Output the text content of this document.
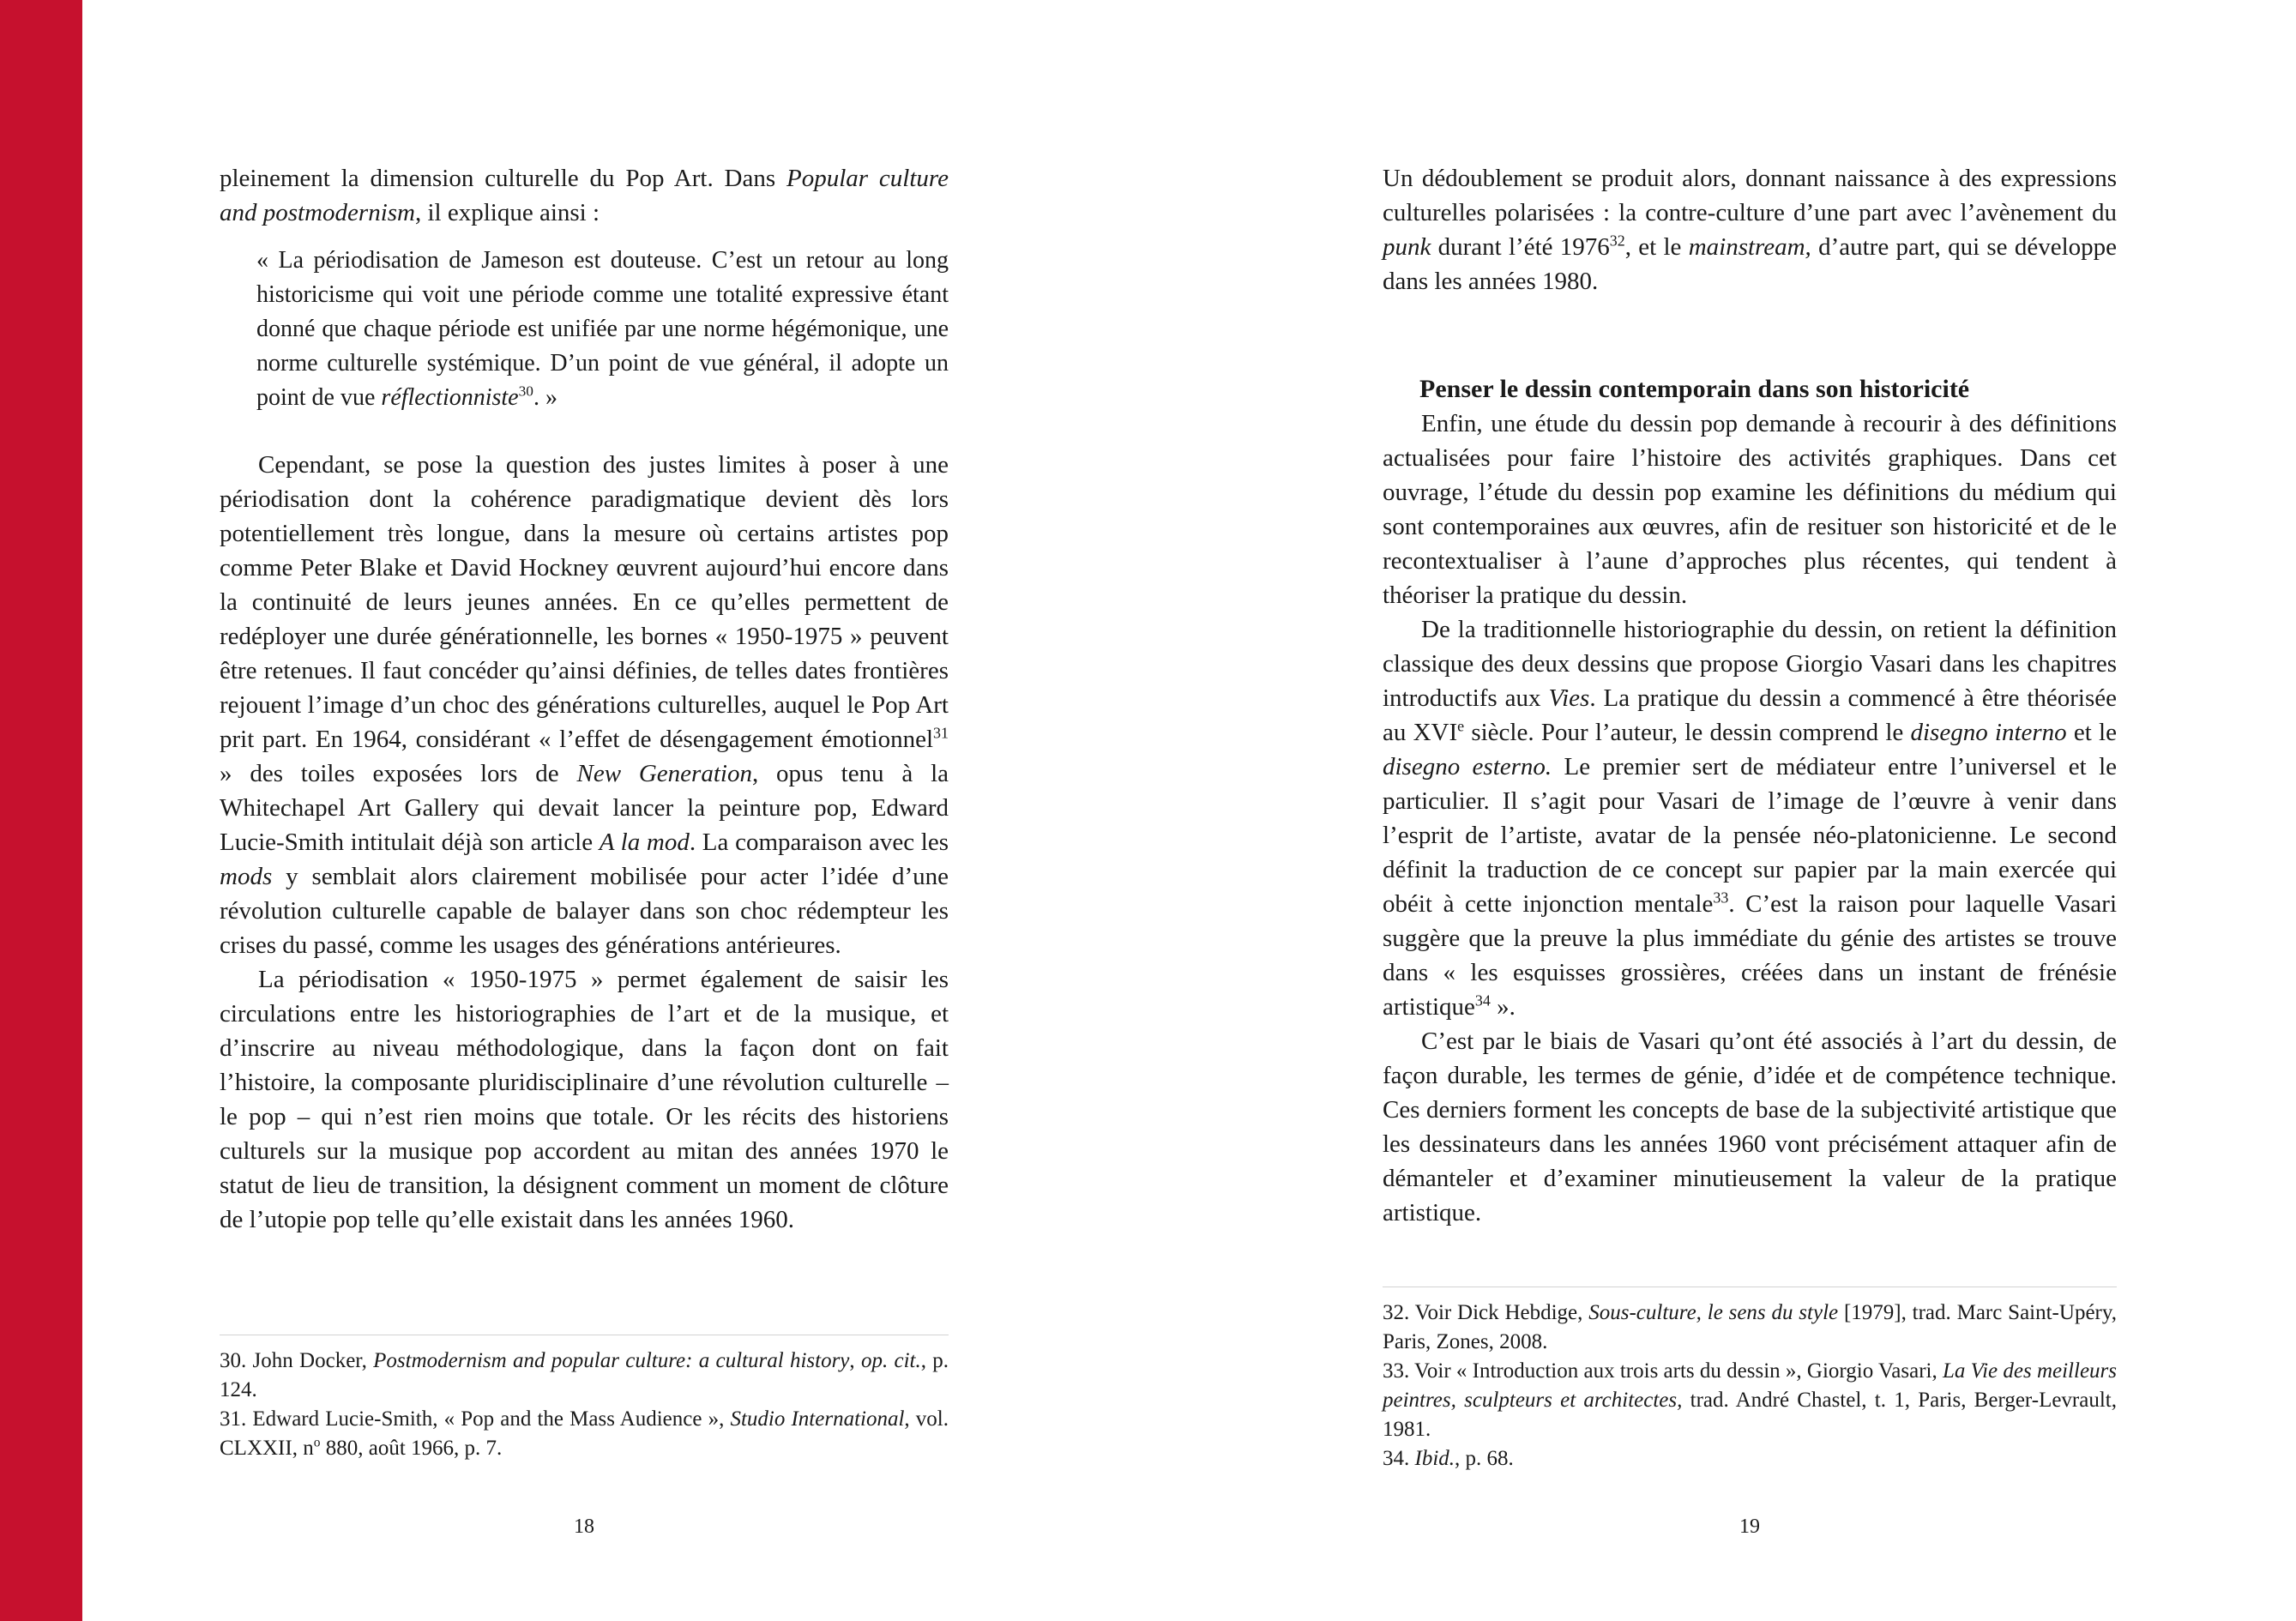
pleinement la dimension culturelle du Pop Art. Dans Popular culture and postmodernism, il explique ainsi :

« La périodisation de Jameson est douteuse. C’est un retour au long historicisme qui voit une période comme une totalité expressive étant donné que chaque période est unifiée par une norme hégémonique, une norme culturelle systémique. D’un point de vue général, il adopte un point de vue réflectionniste$^{30}$. »

Cependant, se pose la question des justes limites à poser à une périodisation dont la cohérence paradigmatique devient dès lors potentiellement très longue, dans la mesure où certains artistes pop comme Peter Blake et David Hockney œuvrent aujourd’hui encore dans la continuité de leurs jeunes années. En ce qu’elles permettent de redéployer une durée générationnelle, les bornes « 1950-1975 » peuvent être retenues. Il faut concéder qu’ainsi définies, de telles dates frontières rejouent l’image d’un choc des générations culturelles, auquel le Pop Art prit part. En 1964, considérant « l’effet de désengagement émotionnel$^{31}$ » des toiles exposées lors de New Generation, opus tenu à la Whitechapel Art Gallery qui devait lancer la peinture pop, Edward Lucie-Smith intitulait déjà son article A la mod. La comparaison avec les mods y semblait alors clairement mobilisée pour acter l’idée d’une révolution culturelle capable de balayer dans son choc rédempteur les crises du passé, comme les usages des générations antérieures.

La périodisation « 1950-1975 » permet également de saisir les circulations entre les historiographies de l’art et de la musique, et d’inscrire au niveau méthodologique, dans la façon dont on fait l’histoire, la composante pluridisciplinaire d’une révolution culturelle – le pop – qui n’est rien moins que totale. Or les récits des historiens culturels sur la musique pop accordent au mitan des années 1970 le statut de lieu de transition, la désignent comment un moment de clôture de l’utopie pop telle qu’elle existait dans les années 1960.

30. John Docker, Postmodernism and popular culture: a cultural history, op. cit., p. 124.

31. Edward Lucie-Smith, « Pop and the Mass Audience », Studio International, vol. CLXXII, $n^o$ 880, août 1966, p. 7.

18

Un dédoublement se produit alors, donnant naissance à des expressions culturelles polarisées : la contre-culture d’une part avec l’avènement du punk durant l’été 1976$^{32}$, et le mainstream, d’autre part, qui se développe dans les années 1980.

Penser le dessin contemporain dans son historicité

Enfin, une étude du dessin pop demande à recourir à des définitions actualisées pour faire l’histoire des activités graphiques. Dans cet ouvrage, l’étude du dessin pop examine les définitions du médium qui sont contemporaines aux œuvres, afin de resituer son historicité et de le recontextualiser à l’aune d’approches plus récentes, qui tendent à théoriser la pratique du dessin.

De la traditionnelle historiographie du dessin, on retient la définition classique des deux dessins que propose Giorgio Vasari dans les chapitres introductifs aux Vies. La pratique du dessin a commencé à être théorisée au XVIe siècle. Pour l’auteur, le dessin comprend le disegno interno et le disegno esterno. Le premier sert de médiateur entre l’universel et le particulier. Il s’agit pour Vasari de l’image de l’œuvre à venir dans l’esprit de l’artiste, avatar de la pensée néo-platonicienne. Le second définit la traduction de ce concept sur papier par la main exercée qui obéit à cette injonction mentale$^{33}$. C’est la raison pour laquelle Vasari suggère que la preuve la plus immédiate du génie des artistes se trouve dans « les esquisses grossières, créées dans un instant de frénésie artistique$^{34}$ ».

C’est par le biais de Vasari qu’ont été associés à l’art du dessin, de façon durable, les termes de génie, d’idée et de compétence technique. Ces derniers forment les concepts de base de la subjectivité artistique que les dessinateurs dans les années 1960 vont précisément attaquer afin de démanteler et d’examiner minutieusement la valeur de la pratique artistique.

32. Voir Dick Hebdige, Sous-culture, le sens du style [1979], trad. Marc Saint-Upéry, Paris, Zones, 2008.

33. Voir « Introduction aux trois arts du dessin », Giorgio Vasari, La Vie des meilleurs peintres, sculpteurs et architectes, trad. André Chastel, t. 1, Paris, Berger-Levrault, 1981.

34. Ibid., p. 68.

19
